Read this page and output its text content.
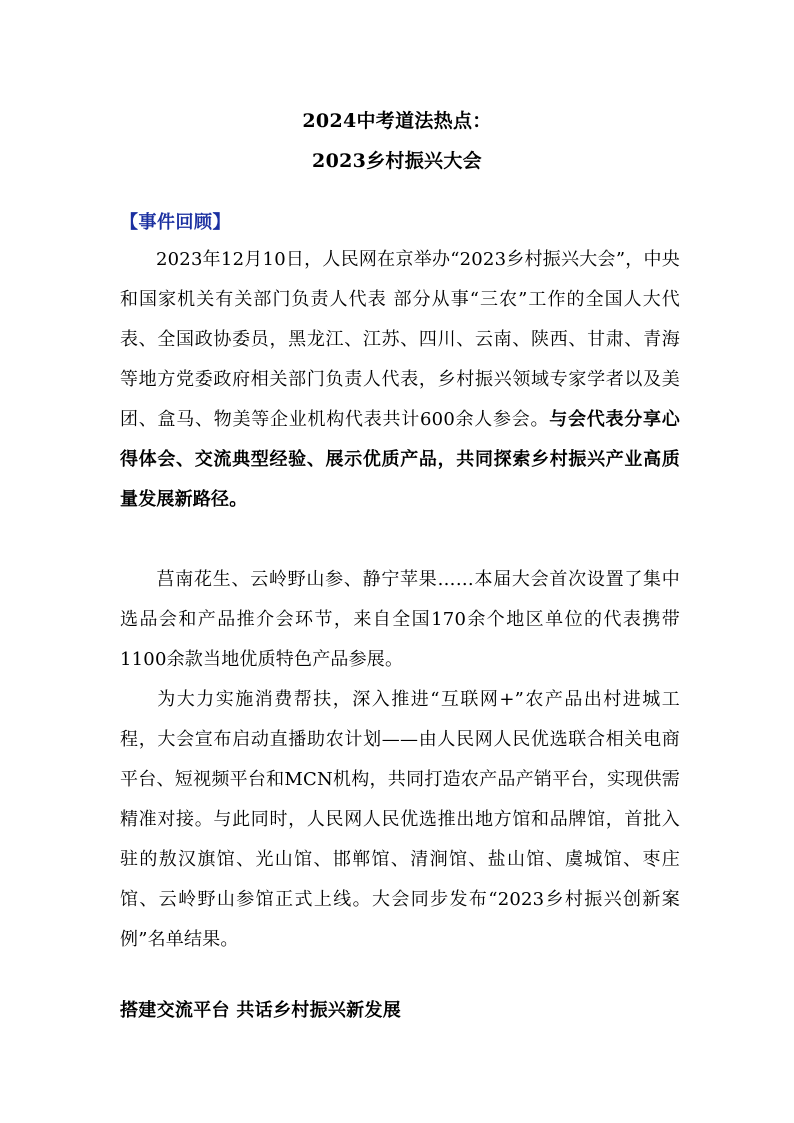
2024中考道法热点：
2023乡村振兴大会
【事件回顾】
2023年12月10日，人民网在京举办“2023乡村振兴大会”，中央和国家机关有关部门负责人代表 部分从事“三农”工作的全国人大代表、全国政协委员，黑龙江、江苏、四川、云南、陕西、甘肃、青海等地方党委政府相关部门负责人代表，乡村振兴领域专家学者以及美团、盒马、物美等企业机构代表共计600余人参会。与会代表分享心得体会、交流典型经验、展示优质产品，共同探索乡村振兴产业高质量发展新路径。
莒南花生、云岭野山参、静宁苹果……本届大会首次设置了集中选品会和产品推介会环节，来自全国170余个地区单位的代表携带1100余款当地优质特色产品参展。
为大力实施消费帮扶，深入推进“互联网+”农产品出村进城工程，大会宣布启动直播助农计划——由人民网人民优选联合相关电商平台、短视频平台和MCN机构，共同打造农产品产销平台，实现供需精准对接。与此同时，人民网人民优选推出地方馆和品牌馆，首批入驻的敖汉旗馆、光山馆、邯郸馆、清涧馆、盐山馆、虞城馆、枣庄馆、云岭野山参馆正式上线。大会同步发布“2023乡村振兴创新案例”名单结果。
搭建交流平台 共话乡村振兴新发展
